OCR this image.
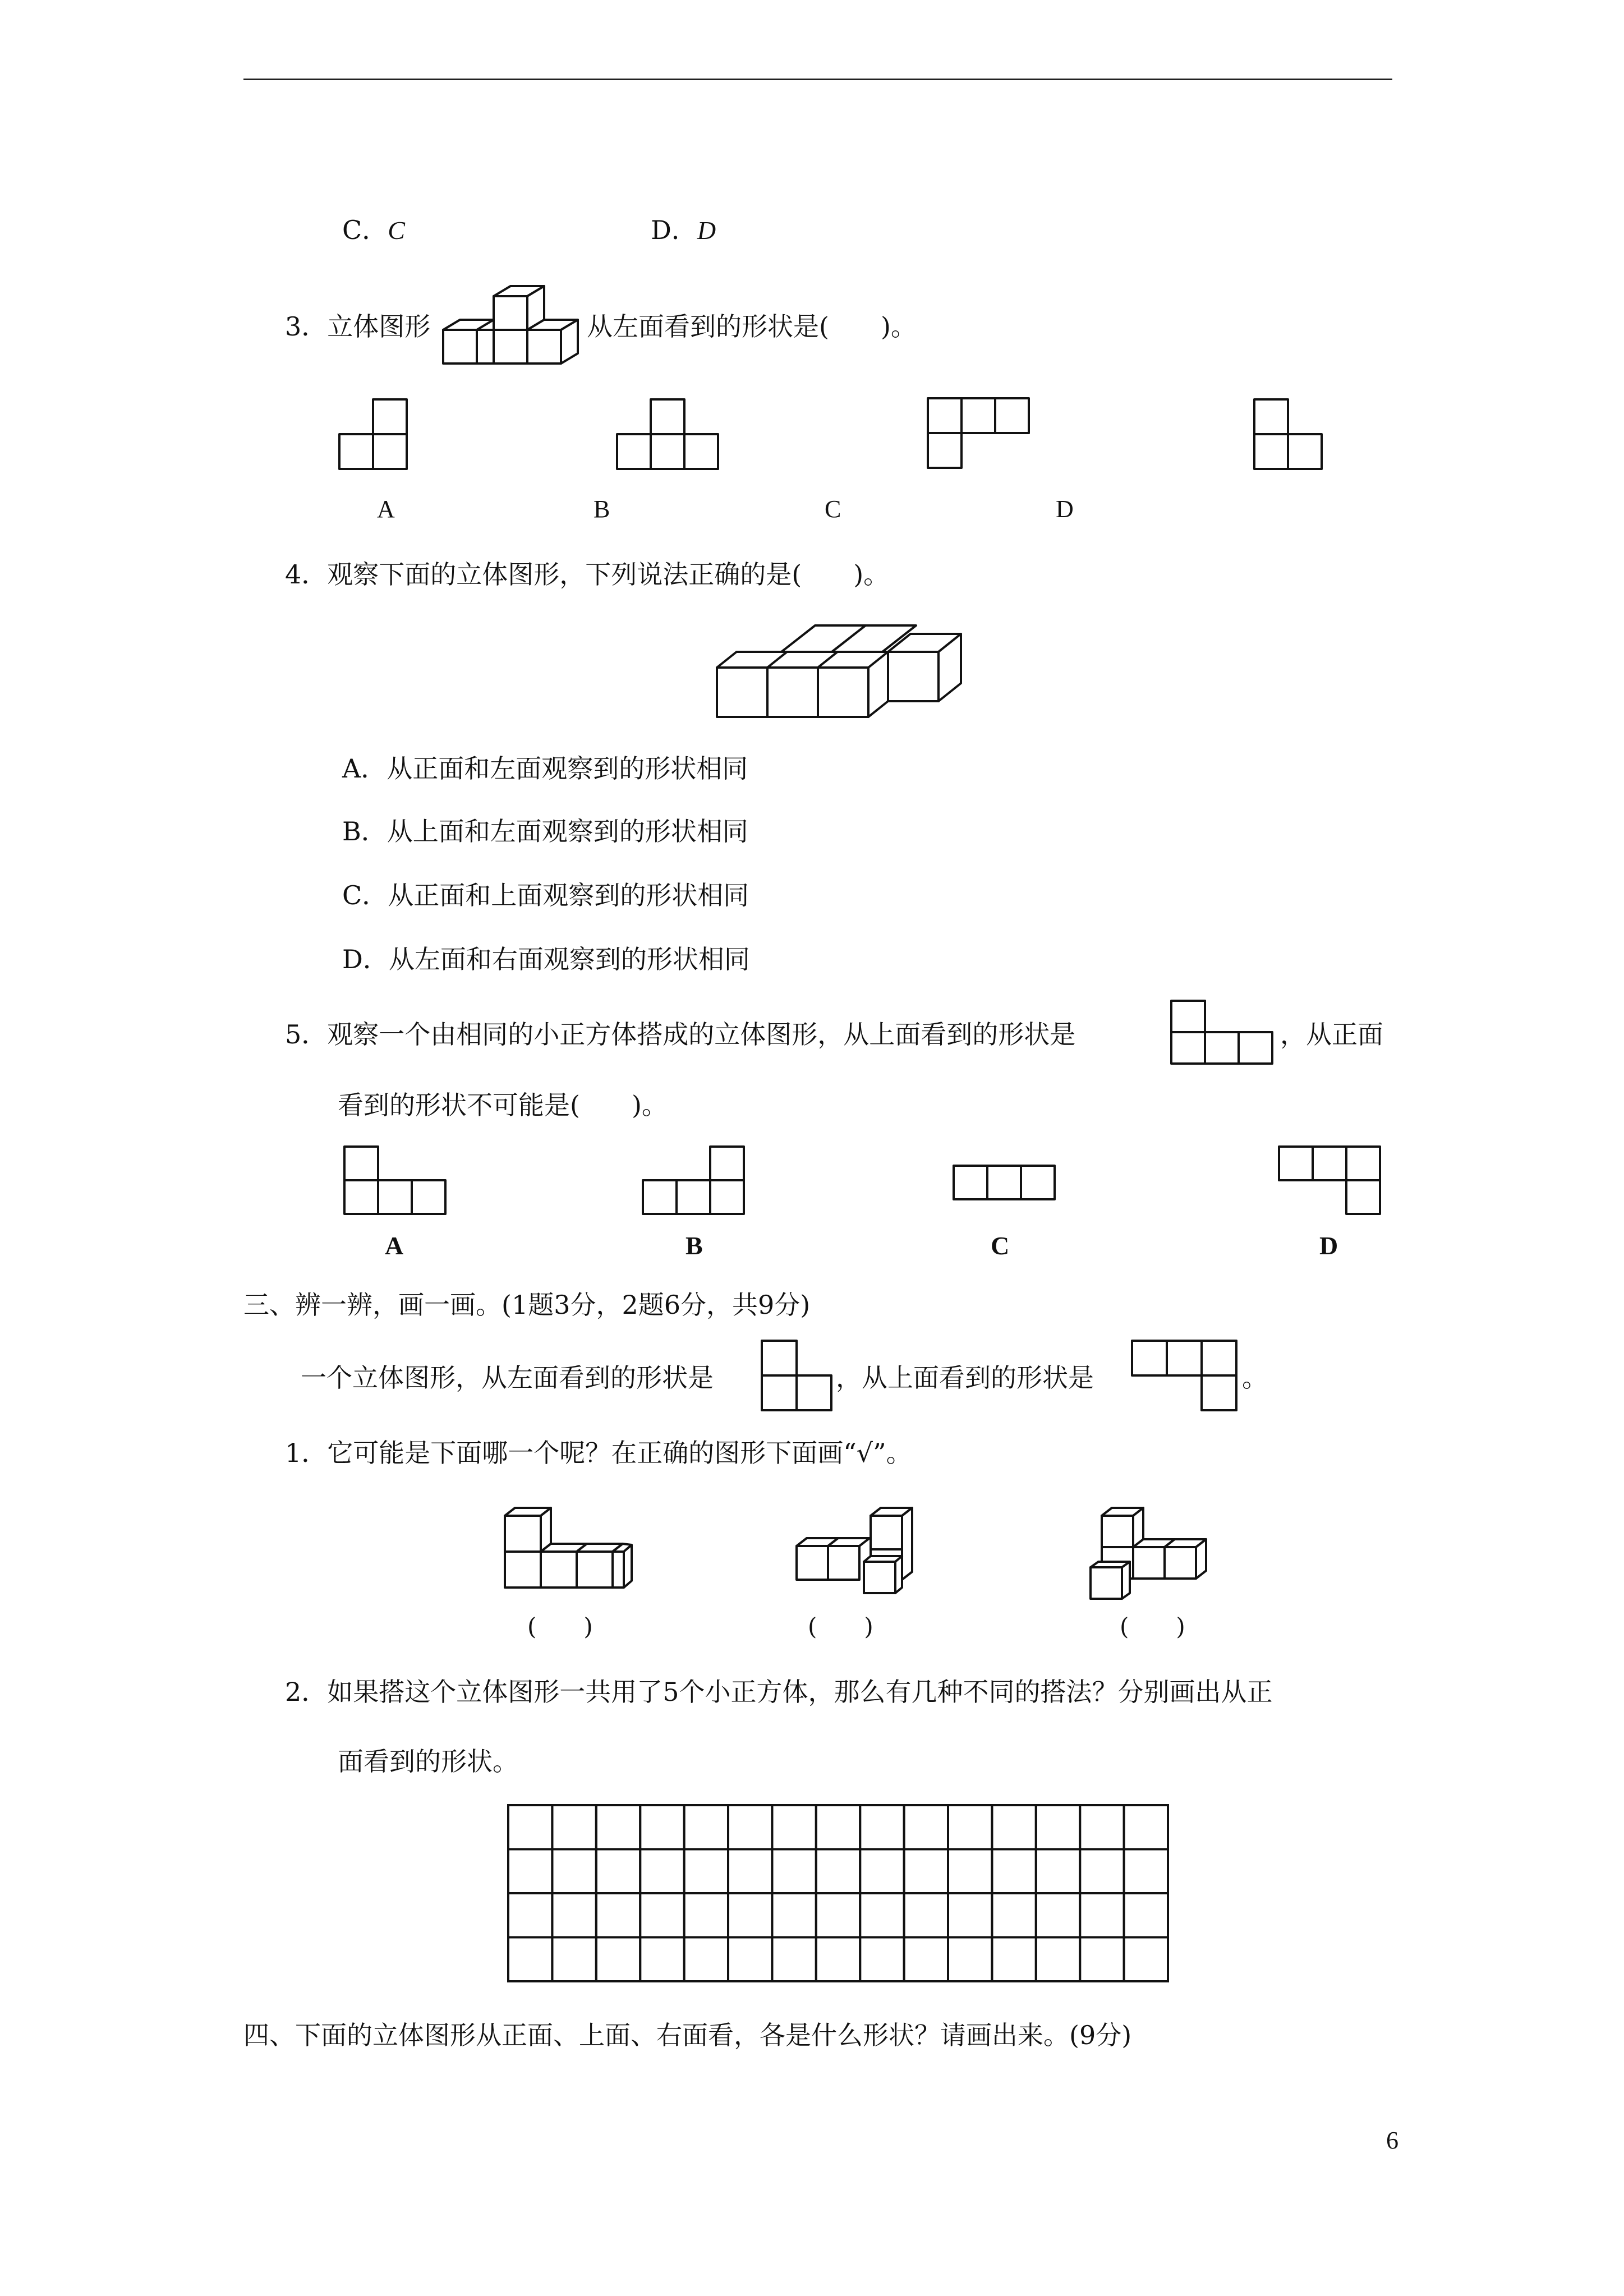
C．C	D．D
3．立体图形	从左面看到的形状是(　　)。
A	B	C	D
4．观察下面的立体图形，下列说法正确的是(　　)。
A．从正面和左面观察到的形状相同
B．从上面和左面观察到的形状相同
C．从正面和上面观察到的形状相同
D．从左面和右面观察到的形状相同
5．观察一个由相同的小正方体搭成的立体图形，从上面看到的形状是	，从正面
看到的形状不可能是(　　)。
A	B	C	D
三、辨一辨，画一画。(1题3分，2题6分，共9分)
一个立体图形，从左面看到的形状是	，从上面看到的形状是	。
1．它可能是下面哪一个呢？在正确的图形下面画“√”。
(　　)	(　　)	(　　)
2．如果搭这个立体图形一共用了5个小正方体，那么有几种不同的搭法？分别画出从正
面看到的形状。
四、下面的立体图形从正面、上面、右面看，各是什么形状？请画出来。(9分)
6
